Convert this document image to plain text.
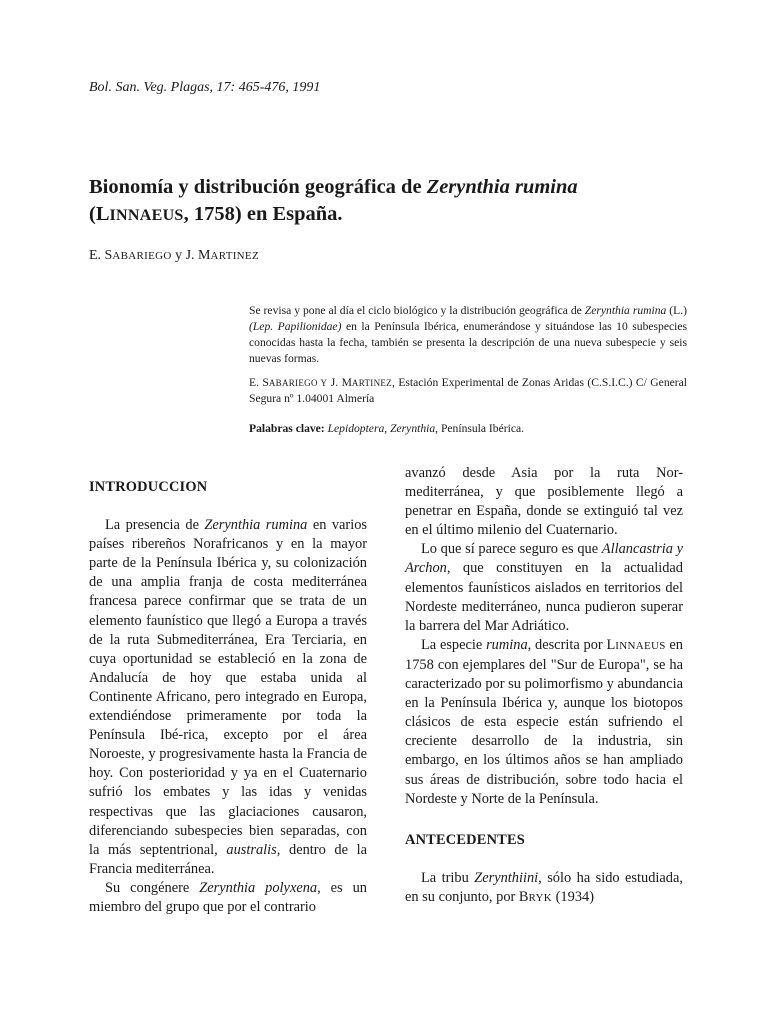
Bol. San. Veg. Plagas, 17: 465-476, 1991
Bionomía y distribución geográfica de Zerynthia rumina
(LINNAEUS, 1758) en España.
E. SABARIEGO y J. MARTINEZ

Se revisa y pone al día el ciclo biológico y la distribución geográfica de Zerynthia rumina (L.) (Lep. Papilionidae) en la Península Ibérica, enumerándose y situándose las 10 subespecies conocidas hasta la fecha, también se presenta la descripción de una nueva subespecie y seis nuevas formas.

E. SABARIEGO Y J. MARTINEZ, Estación Experimental de Zonas Aridas (C.S.I.C.) C/ General Segura nº 1.04001 Almería

Palabras clave: Lepidoptera, Zerynthia, Península Ibérica.

INTRODUCCION

La presencia de Zerynthia rumina en varios países ribereños Norafricanos y en la mayor parte de la Península Ibérica y, su colonización de una amplia franja de costa mediterránea francesa parece confirmar que se trata de un elemento faunístico que llegó a Europa a través de la ruta Submediterránea, Era Terciaria, en cuya oportunidad se estableció en la zona de Andalucía de hoy que estaba unida al Continente Africano, pero integrado en Europa, extendiéndose primeramente por toda la Península Ibé-rica, excepto por el área Noroeste, y progresivamente hasta la Francia de hoy. Con posterioridad y ya en el Cuaternario sufrió los embates y las idas y venidas respectivas que las glaciaciones causaron, diferenciando subespecies bien separadas, con la más septentrional, australis, dentro de la Francia mediterránea.

Su congénere Zerynthia polyxena, es un miembro del grupo que por el contrario

avanzó desde Asia por la ruta Nor-mediterránea, y que posiblemente llegó a penetrar en España, donde se extinguió tal vez en el último milenio del Cuaternario.

Lo que sí parece seguro es que Allancastria y Archon, que constituyen en la actualidad elementos faunísticos aislados en territorios del Nordeste mediterráneo, nunca pudieron superar la barrera del Mar Adriático.

La especie rumina, descrita por LINNAEUS en 1758 con ejemplares del "Sur de Europa", se ha caracterizado por su polimorfismo y abundancia en la Península Ibérica y, aunque los biotopos clásicos de esta especie están sufriendo el creciente desarrollo de la industria, sin embargo, en los últimos años se han ampliado sus áreas de distribución, sobre todo hacia el Nordeste y Norte de la Península.

ANTECEDENTES

La tribu Zerynthiini, sólo ha sido estudiada, en su conjunto, por BRYK (1934)
